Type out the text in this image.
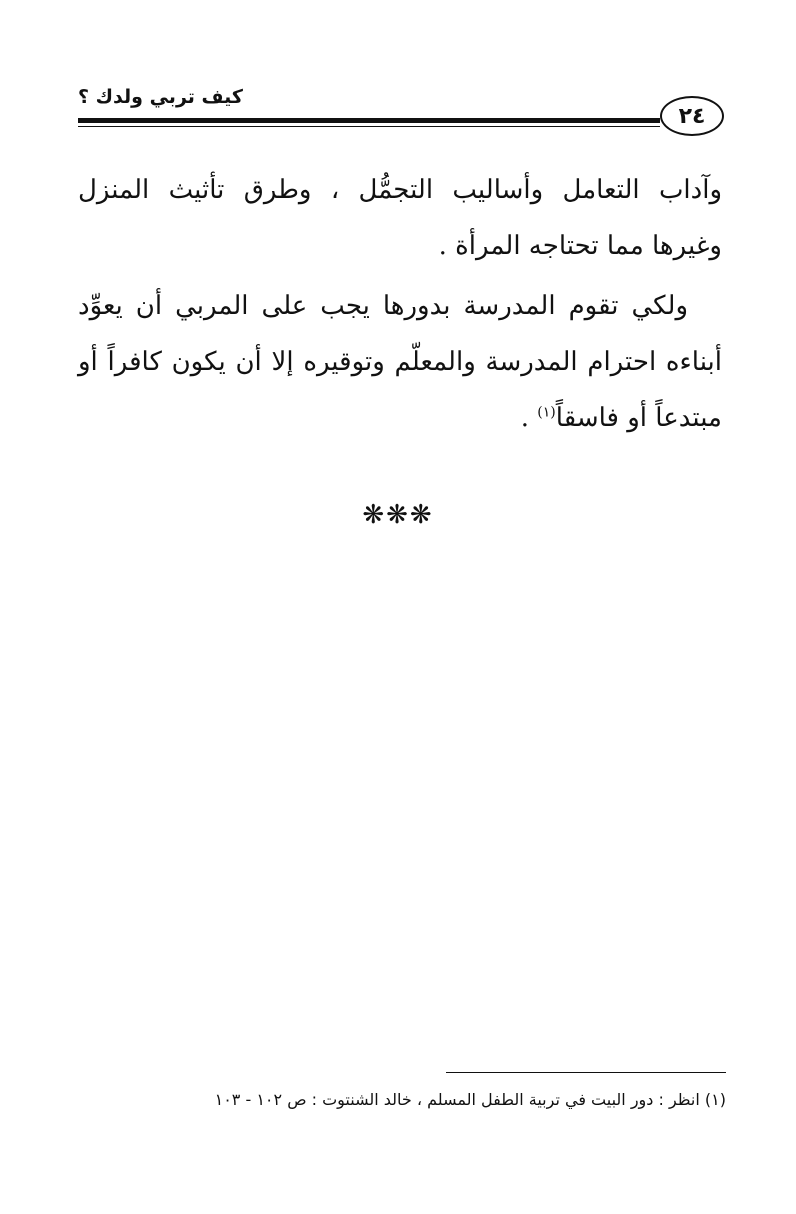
كيف تربي ولدك ؟
٢٤

وآداب التعامل وأساليب التجمُّل ، وطرق تأثيث المنزل وغيرها مما تحتاجه المرأة .

ولكي تقوم المدرسة بدورها يجب على المربي أن يعوِّد أبناءه احترام المدرسة والمعلّم وتوقيره إلا أن يكون كافراً أو مبتدعاً أو فاسقاً$^{(١)}$ .

❋❋❋
(١) انظر : دور البيت في تربية الطفل المسلم ، خالد الشنتوت : ص ١٠٢ - ١٠٣
